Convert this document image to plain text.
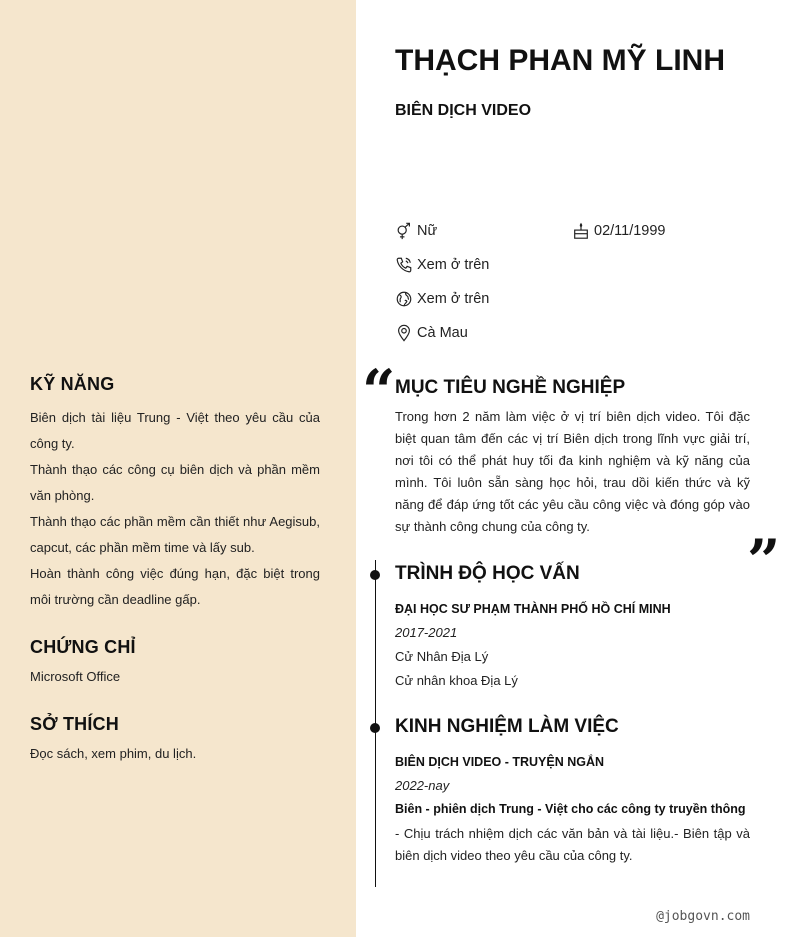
THẠCH PHAN MỸ LINH
BIÊN DỊCH VIDEO
Nữ	02/11/1999
Xem ở trên
Xem ở trên
Cà Mau
KỸ NĂNG

Biên dịch tài liệu Trung - Việt theo yêu cầu của công ty.

Thành thạo các công cụ biên dịch và phần mềm văn phòng.

Thành thạo các phần mềm cần thiết như Aegisub, capcut, các phần mềm time và lấy sub.

Hoàn thành công việc đúng hạn, đặc biệt trong môi trường cần deadline gấp.

CHỨNG CHỈ
Microsoft Office
SỞ THÍCH
Đọc sách, xem phim, du lịch.
“ MỤC TIÊU NGHỀ NGHIỆP
Trong hơn 2 năm làm việc ở vị trí biên dịch video. Tôi đặc biệt quan tâm đến các vị trí Biên dịch trong lĩnh vực giải trí, nơi tôi có thể phát huy tối đa kinh nghiệm và kỹ năng của mình. Tôi luôn sẵn sàng học hỏi, trau dồi kiến thức và kỹ năng để đáp ứng tốt các yêu cầu công việc và đóng góp vào sự thành công chung của công ty.
”
TRÌNH ĐỘ HỌC VẤN
ĐẠI HỌC SƯ PHẠM THÀNH PHỐ HỒ CHÍ MINH
2017-2021
Cử Nhân Địa Lý
Cử nhân khoa Địa Lý
KINH NGHIỆM LÀM VIỆC
BIÊN DỊCH VIDEO - TRUYỆN NGẮN
2022-nay
Biên - phiên dịch Trung - Việt cho các công ty truyền thông
- Chịu trách nhiệm dịch các văn bản và tài liệu.- Biên tập và biên dịch video theo yêu cầu của công ty.
@jobgovn.com
